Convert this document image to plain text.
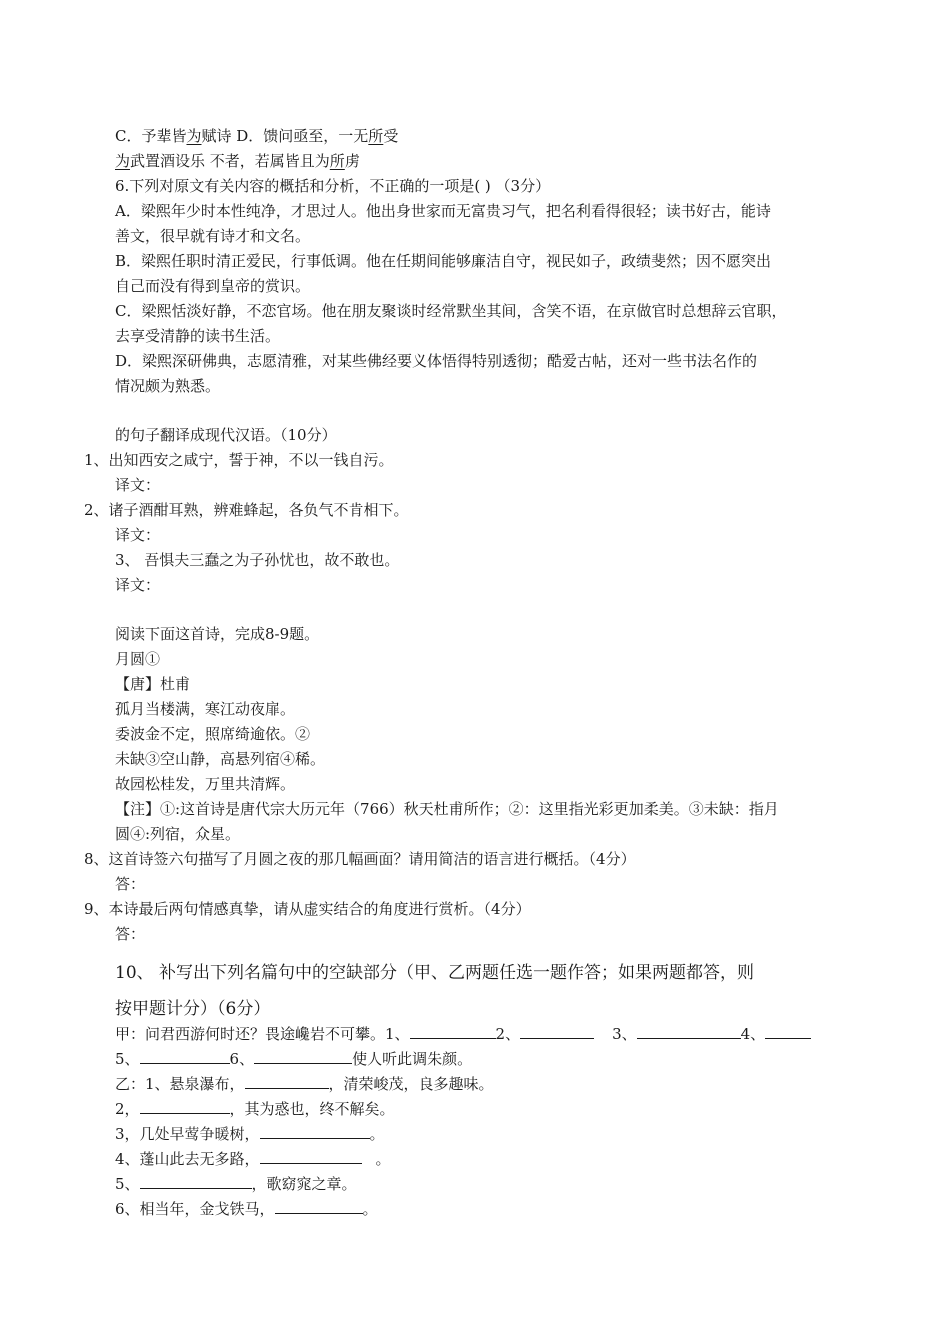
C．予辈皆为赋诗 D．馈问亟至，一无所受
为武置酒设乐 不者，若属皆且为所虏
6.下列对原文有关内容的概括和分析，不正确的一项是( ) （3分）
A．梁熙年少时本性纯净，才思过人。他出身世家而无富贵习气，把名利看得很轻；读书好古，能诗
善文，很早就有诗才和文名。
B．梁熙任职时清正爱民，行事低调。他在任期间能够廉洁自守，视民如子，政绩斐然；因不愿突出
自己而没有得到皇帝的赏识。
C．梁熙恬淡好静，不恋官场。他在朋友聚谈时经常默坐其间，含笑不语，在京做官时总想辞云官职，
去享受清静的读书生活。
D．梁熙深研佛典，志愿清雅，对某些佛经要义体悟得特别透彻；酷爱古帖，还对一些书法名作的
情况颇为熟悉。
的句子翻译成现代汉语。（10分）
1、出知西安之咸宁，誓于神，不以一钱自污。
译文：
2、诸子酒酣耳熟，辨难蜂起，各负气不肯相下。
译文：
3、 吾惧夫三蠢之为子孙忧也，故不敢也。
译文：
阅读下面这首诗，完成8-9题。
月圆①
【唐】杜甫
孤月当楼满，寒江动夜扉。
委波金不定，照席绮逾依。②
未缺③空山静，高悬列宿④稀。
故园松桂发，万里共清辉。
【注】①:这首诗是唐代宗大历元年（766）秋天杜甫所作；②：这里指光彩更加柔美。③未缺：指月
圆④:列宿，众星。
8、这首诗签六句描写了月圆之夜的那几幅画面？请用简洁的语言进行概括。（4分）
答：
9、本诗最后两句情感真挚，请从虚实结合的角度进行赏析。（4分）
答：
10、 补写出下列名篇句中的空缺部分（甲、乙两题任选一题作答；如果两题都答，则
按甲题计分）（6分）
甲：问君西游何时还？畏途巉岩不可攀。1、	2、	3、	4、
5、	6、	使人听此调朱颜。
乙：1、悬泉瀑布，	，清荣峻茂，良多趣味。
2，	，其为惑也，终不解矣。
3，几处早莺争暖树，	。
4、蓬山此去无多路，	。
5、	，歌窈窕之章。
6、相当年，金戈铁马，	。
